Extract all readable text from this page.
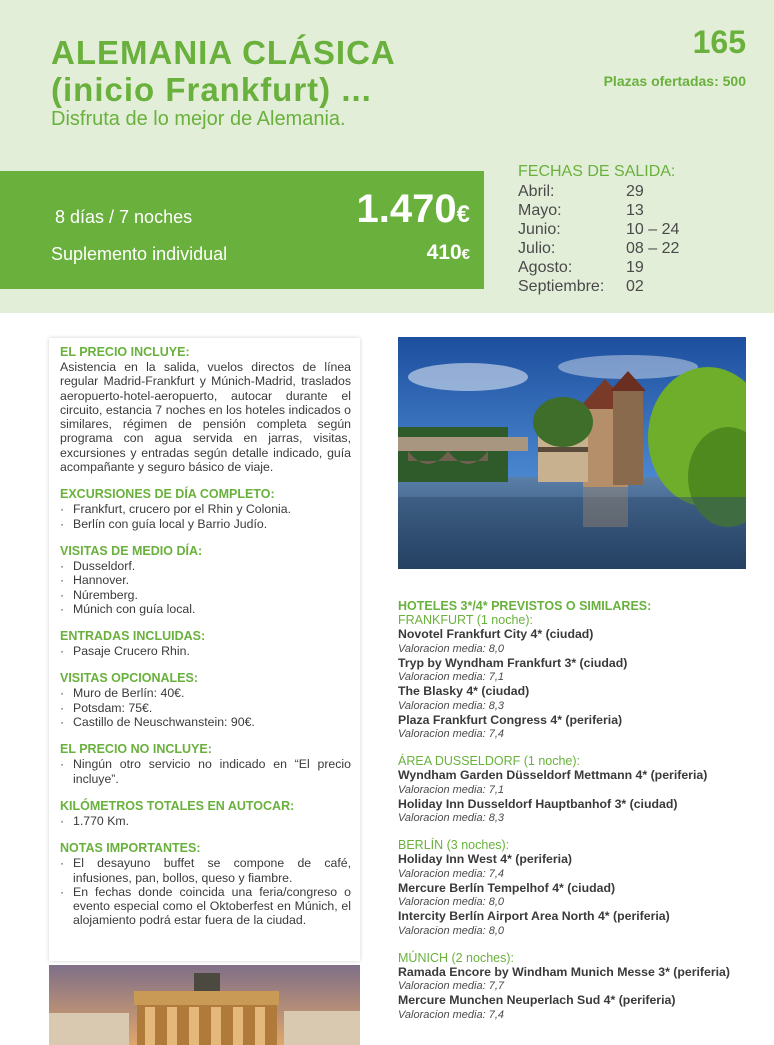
ALEMANIA CLÁSICA
(inicio Frankfurt) ...
Disfruta de lo mejor de Alemania.
165
Plazas ofertadas: 500
8 días / 7 noches	1.470€
Suplemento individual	410€
FECHAS DE SALIDA:
Abril:	29
Mayo:	13
Junio:	10 – 24
Julio:	08 – 22
Agosto:	19
Septiembre:	02
EL PRECIO INCLUYE:

Asistencia en la salida, vuelos directos de línea regular Madrid-Frankfurt y Múnich-Madrid, traslados aeropuerto-hotel-aeropuerto, autocar durante el circuito, estancia 7 noches en los hoteles indicados o similares, régimen de pensión completa según programa con agua servida en jarras, visitas, excursiones y entradas según detalle indicado, guía acompañante y seguro básico de viaje.

EXCURSIONES DE DÍA COMPLETO:
· Frankfurt, crucero por el Rhin y Colonia.
· Berlín con guía local y Barrio Judío.
VISITAS DE MEDIO DÍA:
· Dusseldorf.
· Hannover.
· Núremberg.
· Múnich con guía local.
ENTRADAS INCLUIDAS:
· Pasaje Crucero Rhin.
VISITAS OPCIONALES:
· Muro de Berlín: 40€.
· Potsdam: 75€.
· Castillo de Neuschwanstein: 90€.
EL PRECIO NO INCLUYE:
· Ningún otro servicio no indicado en “El precio incluye”.
KILÓMETROS TOTALES EN AUTOCAR:
· 1.770 Km.
NOTAS IMPORTANTES:
· El desayuno buffet se compone de café, infusiones, pan, bollos, queso y fiambre.
· En fechas donde coincida una feria/congreso o evento especial como el Oktoberfest en Múnich, el alojamiento podrá estar fuera de la ciudad.
HOTELES 3*/4* PREVISTOS O SIMILARES:
FRANKFURT (1 noche):
Novotel Frankfurt City 4* (ciudad)
Valoracion media: 8,0
Tryp by Wyndham Frankfurt 3* (ciudad)
Valoracion media: 7,1
The Blasky 4* (ciudad)
Valoracion media: 8,3
Plaza Frankfurt Congress 4* (periferia)
Valoracion media: 7,4
ÁREA DUSSELDORF (1 noche):
Wyndham Garden Düsseldorf Mettmann 4* (periferia)
Valoracion media: 7,1
Holiday Inn Dusseldorf Hauptbanhof 3* (ciudad)
Valoracion media: 8,3
BERLÍN (3 noches):
Holiday Inn West 4* (periferia)
Valoracion media: 7,4
Mercure Berlín Tempelhof 4* (ciudad)
Valoracion media: 8,0
Intercity Berlín Airport Area North 4* (periferia)
Valoracion media: 8,0
MÚNICH (2 noches):
Ramada Encore by Windham Munich Messe 3* (periferia)
Valoracion media: 7,7
Mercure Munchen Neuperlach Sud 4* (periferia)
Valoracion media: 7,4
